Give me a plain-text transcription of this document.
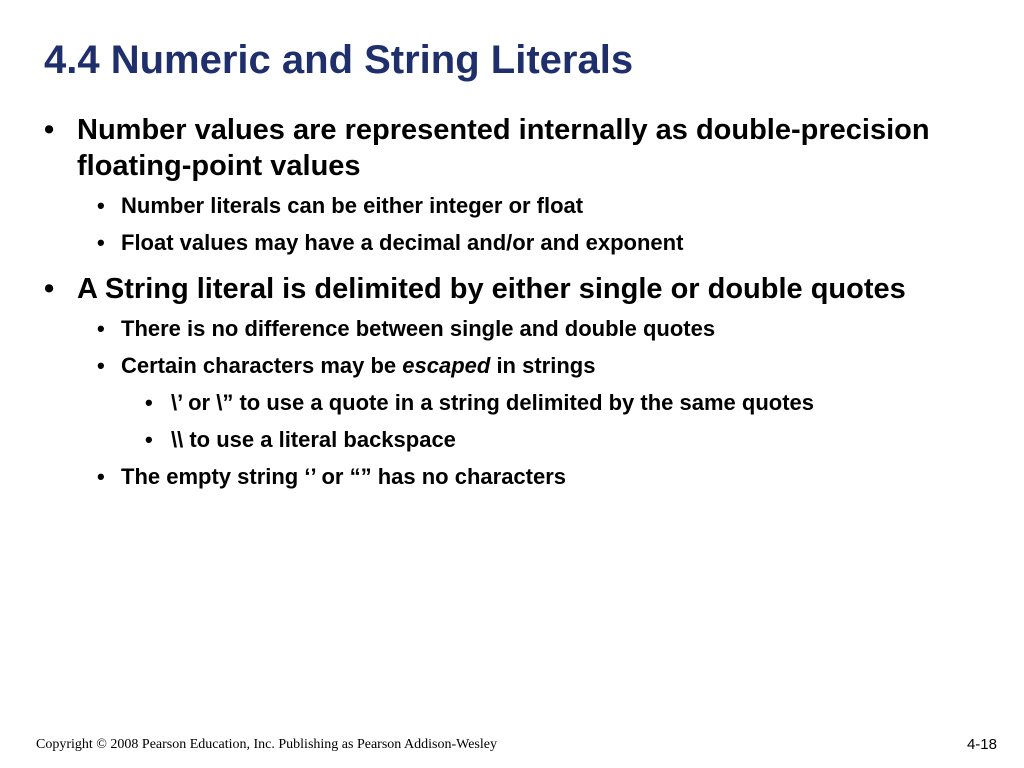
4.4 Numeric and String Literals
• Number values are represented internally as double-precision floating-point values
• Number literals can be either integer or float
• Float values may have a decimal and/or and exponent
• A String literal is delimited by either single or double quotes
• There is no difference between single and double quotes
• Certain characters may be escaped in strings
• \’ or \” to use a quote in a string delimited by the same quotes
• \\ to use a literal backspace
• The empty string ‘’ or “” has no characters
Copyright © 2008 Pearson Education, Inc. Publishing as Pearson Addison-Wesley	4-18
